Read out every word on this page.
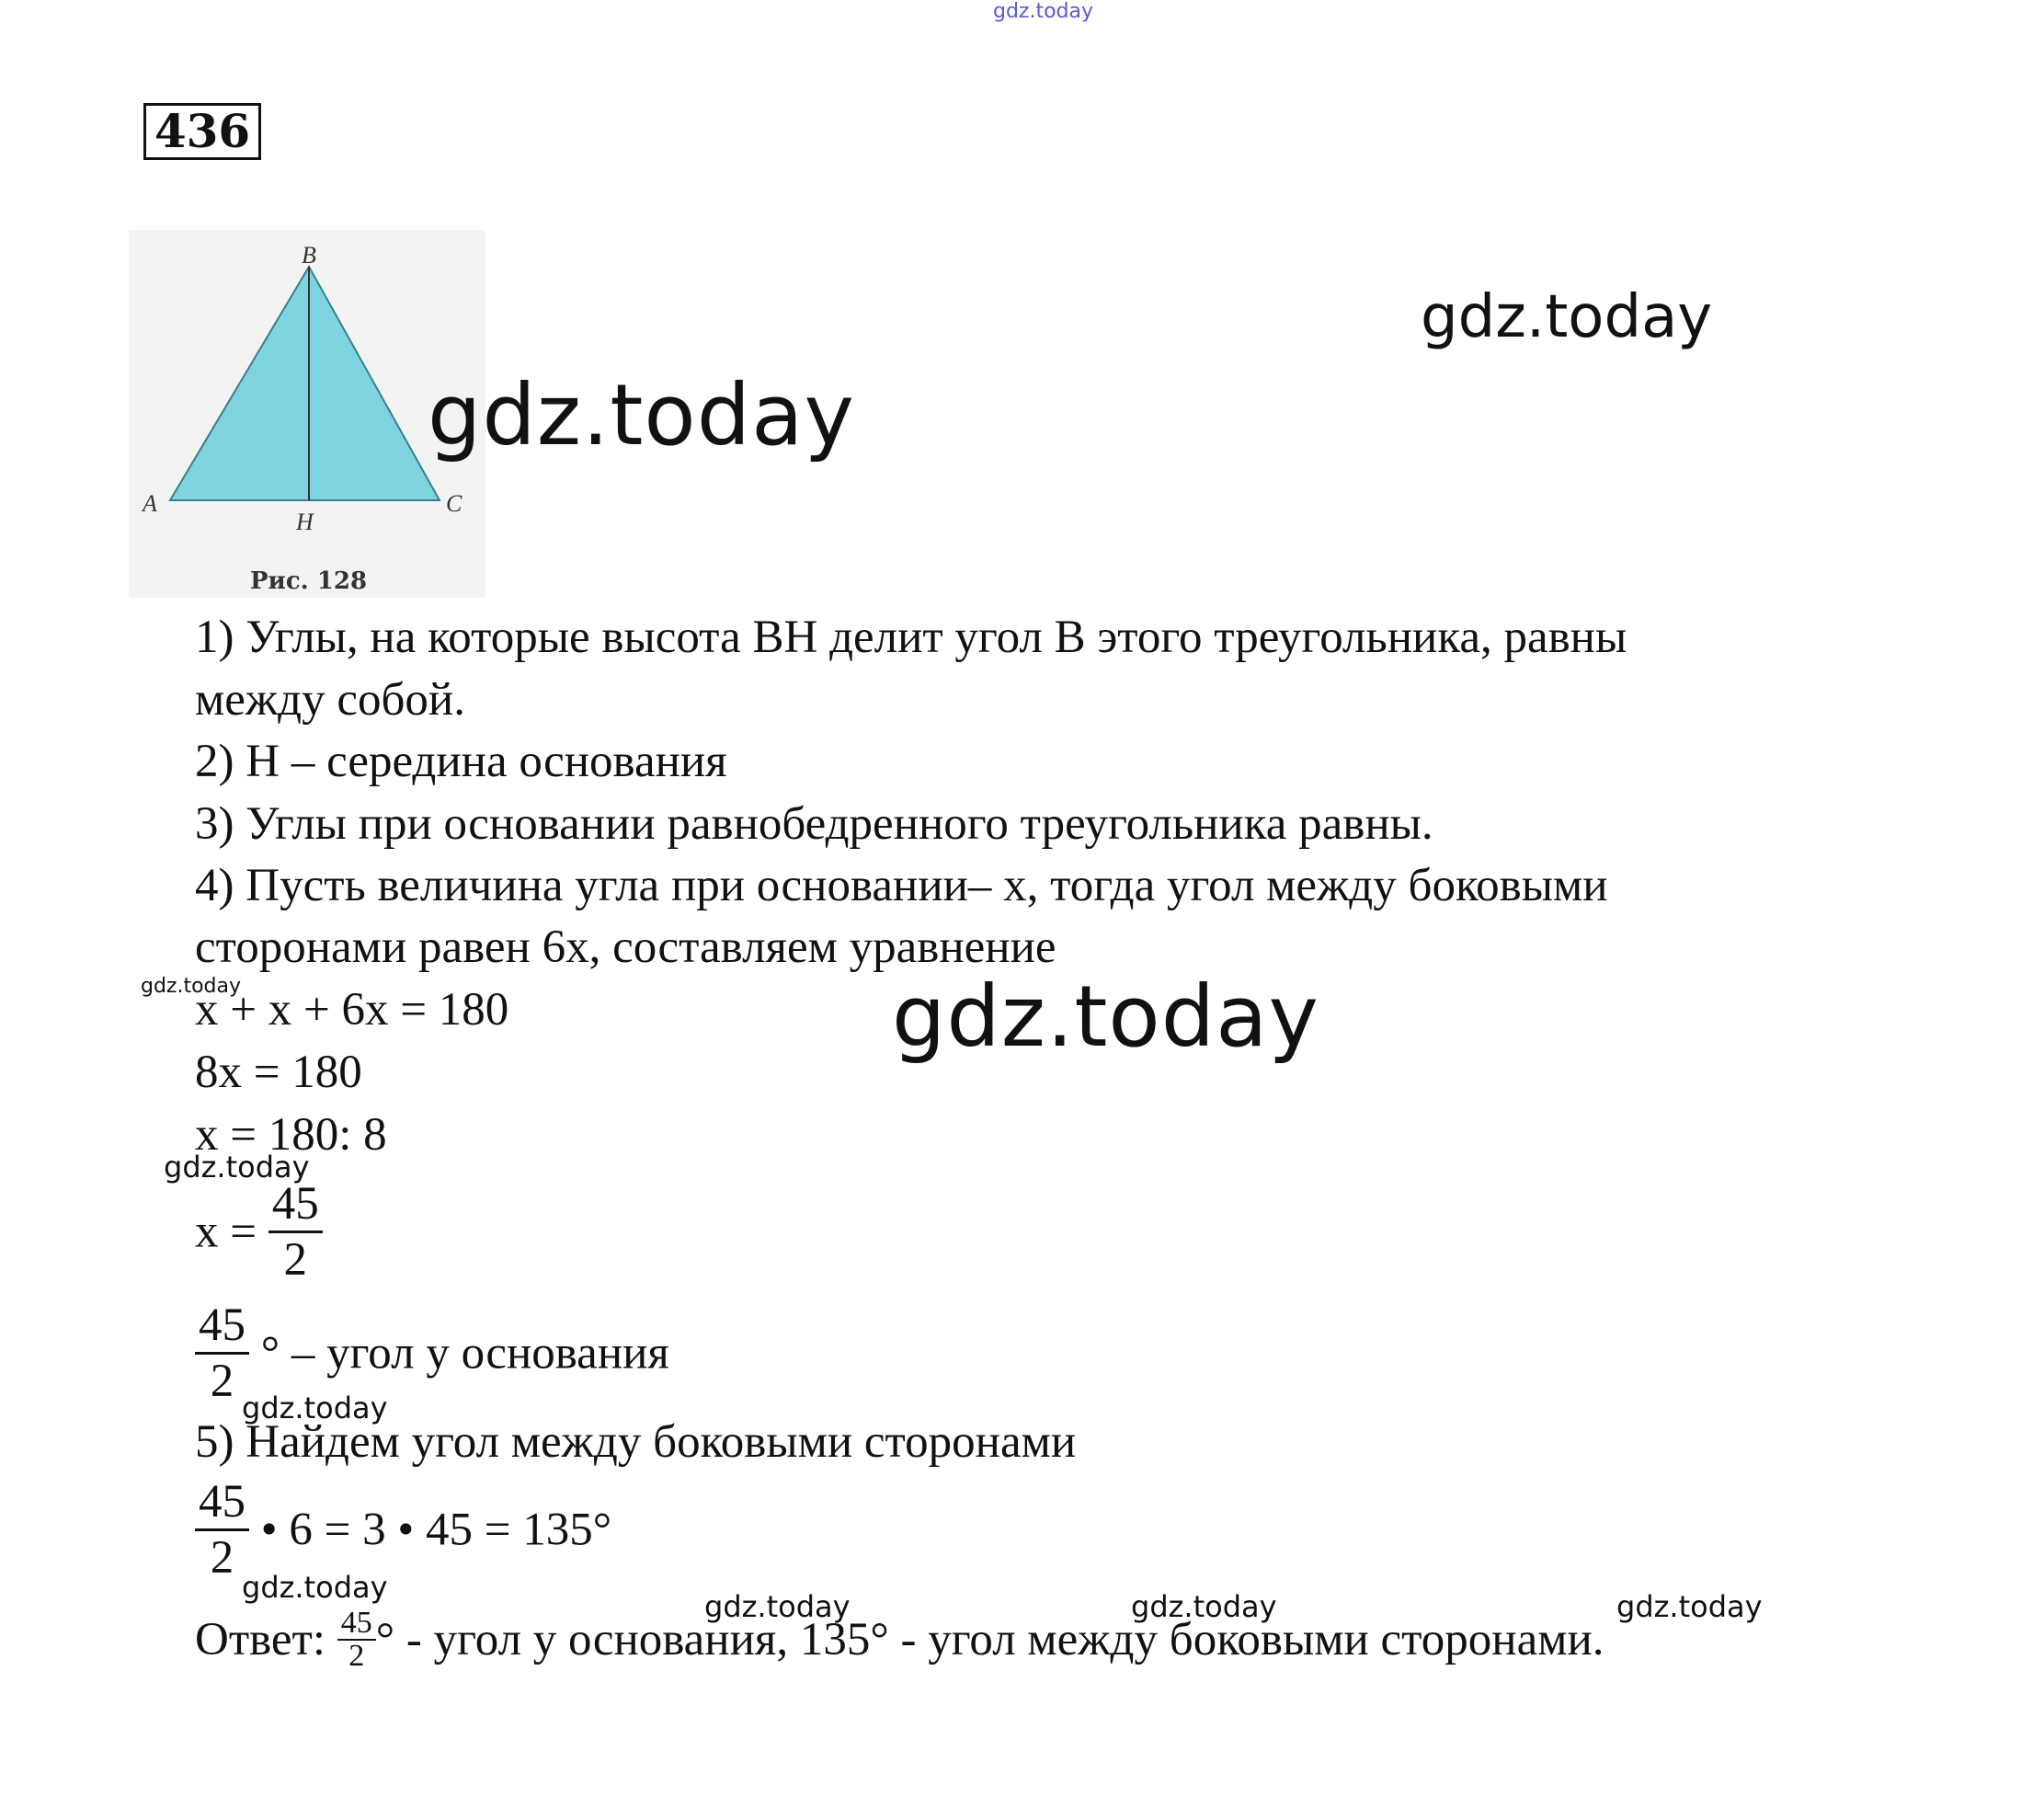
gdz.today
436
B
A	C
H
Рис. 128
gdz.today
gdz.today
gdz.today
gdz.today
gdz.today
gdz.today
gdz.today
gdz.today	gdz.today	gdz.today
1) Углы, на которые высота BH делит угол B этого треугольника, равны
между собой.
2) H – середина основания
3) Углы при основании равнобедренного треугольника равны.
4) Пусть величина угла при основании– x, тогда угол между боковыми
сторонами равен 6x, составляем уравнение
x + x + 6x = 180
8x = 180
x = 180: 8
$x = \frac{45}{2}$
$\frac{45}{2}$ ° – угол у основания
5) Найдем угол между боковыми сторонами
$\frac{45}{2}$ • 6 = 3 • 45 = 135°
Ответ: $\frac{45}{2}$ ° - угол у основания, 135° - угол между боковыми сторонами.
